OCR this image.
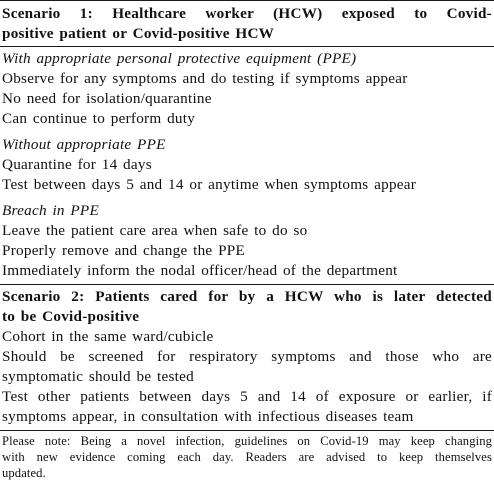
Scenario 1: Healthcare worker (HCW) exposed to Covid-
positive patient or Covid-positive HCW
With appropriate personal protective equipment (PPE)
Observe for any symptoms and do testing if symptoms appear
No need for isolation/quarantine
Can continue to perform duty
Without appropriate PPE
Quarantine for 14 days
Test between days 5 and 14 or anytime when symptoms appear
Breach in PPE
Leave the patient care area when safe to do so
Properly remove and change the PPE
Immediately inform the nodal officer/head of the department
Scenario 2: Patients cared for by a HCW who is later detected
to be Covid-positive
Cohort in the same ward/cubicle
Should be screened for respiratory symptoms and those who are
symptomatic should be tested
Test other patients between days 5 and 14 of exposure or earlier, if
symptoms appear, in consultation with infectious diseases team
Please note: Being a novel infection, guidelines on Covid-19 may keep changing
with new evidence coming each day. Readers are advised to keep themselves
updated.
